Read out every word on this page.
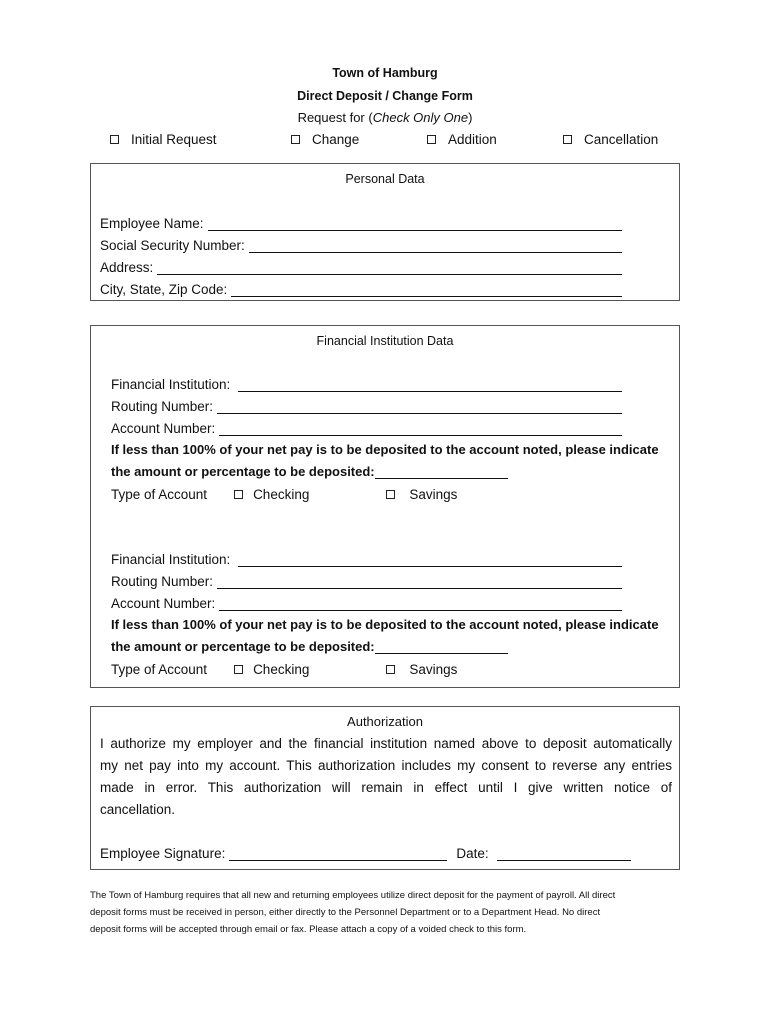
Town of Hamburg
Direct Deposit / Change Form
Request for (Check Only One)
Initial Request	Change	Addition	Cancellation
Personal Data
Employee Name:
Social Security Number:
Address:
City, State, Zip Code:
Financial Institution Data
Financial Institution:
Routing Number:
Account Number:
If less than 100% of your net pay is to be deposited to the account noted, please indicate
the amount or percentage to be deposited:
Type of Account	Checking	Savings
Financial Institution:
Routing Number:
Account Number:
If less than 100% of your net pay is to be deposited to the account noted, please indicate
the amount or percentage to be deposited:
Type of Account	Checking	Savings
Authorization
I authorize my employer and the financial institution named above to deposit automatically
my net pay into my account. This authorization includes my consent to reverse any entries
made in error. This authorization will remain in effect until I give written notice of
cancellation.
Employee Signature:	Date:
The Town of Hamburg requires that all new and returning employees utilize direct deposit for the payment of payroll. All direct
deposit forms must be received in person, either directly to the Personnel Department or to a Department Head. No direct
deposit forms will be accepted through email or fax. Please attach a copy of a voided check to this form.
